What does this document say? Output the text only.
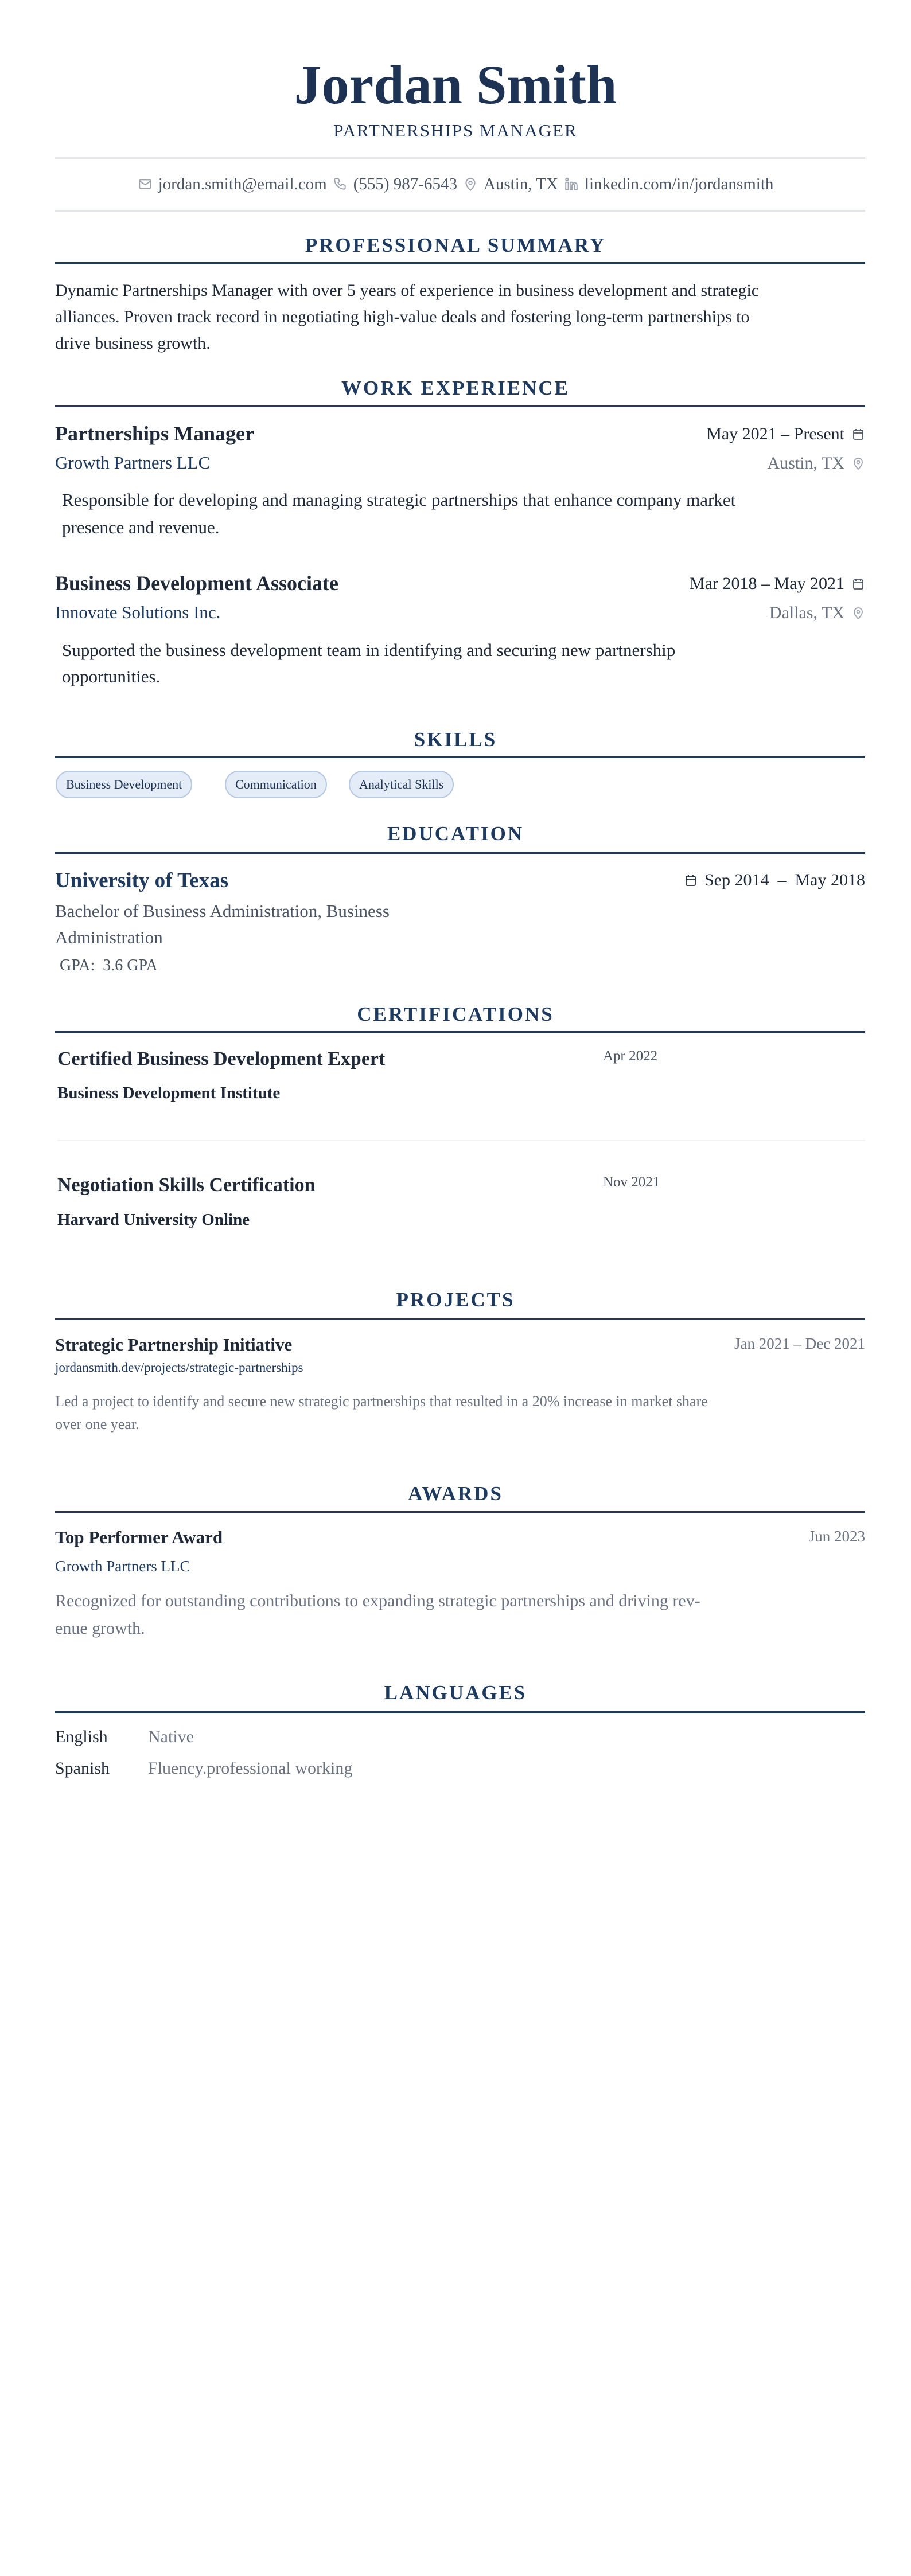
Jordan Smith
PARTNERSHIPS MANAGER
jordan.smith@email.com (555) 987-6543 Austin, TX linkedin.com/in/jordansmith
PROFESSIONAL SUMMARY
Dynamic Partnerships Manager with over 5 years of experience in business development and strategic
alliances. Proven track record in negotiating high-value deals and fostering long-term partnerships to
drive business growth.
WORK EXPERIENCE
Partnerships Manager	May 2021 – Present
Growth Partners LLC	Austin, TX
Responsible for developing and managing strategic partnerships that enhance company market
presence and revenue.
Business Development Associate	Mar 2018 – May 2021
Innovate Solutions Inc.	Dallas, TX
Supported the business development team in identifying and securing new partnership
opportunities.
SKILLS
Business Development	Communication	Analytical Skills
EDUCATION
University of Texas	Sep 2014  –  May 2018
Bachelor of Business Administration, Business
Administration
GPA: 3.6 GPA
CERTIFICATIONS
Certified Business Development Expert	Apr 2022
Business Development Institute
Negotiation Skills Certification	Nov 2021
Harvard University Online
PROJECTS
Strategic Partnership Initiative	Jan 2021 – Dec 2021
jordansmith.dev/projects/strategic-partnerships
Led a project to identify and secure new strategic partnerships that resulted in a 20% increase in market share
over one year.
AWARDS
Top Performer Award	Jun 2023
Growth Partners LLC
Recognized for outstanding contributions to expanding strategic partnerships and driving rev-
enue growth.
LANGUAGES
English Native
Spanish Fluency.professional working
